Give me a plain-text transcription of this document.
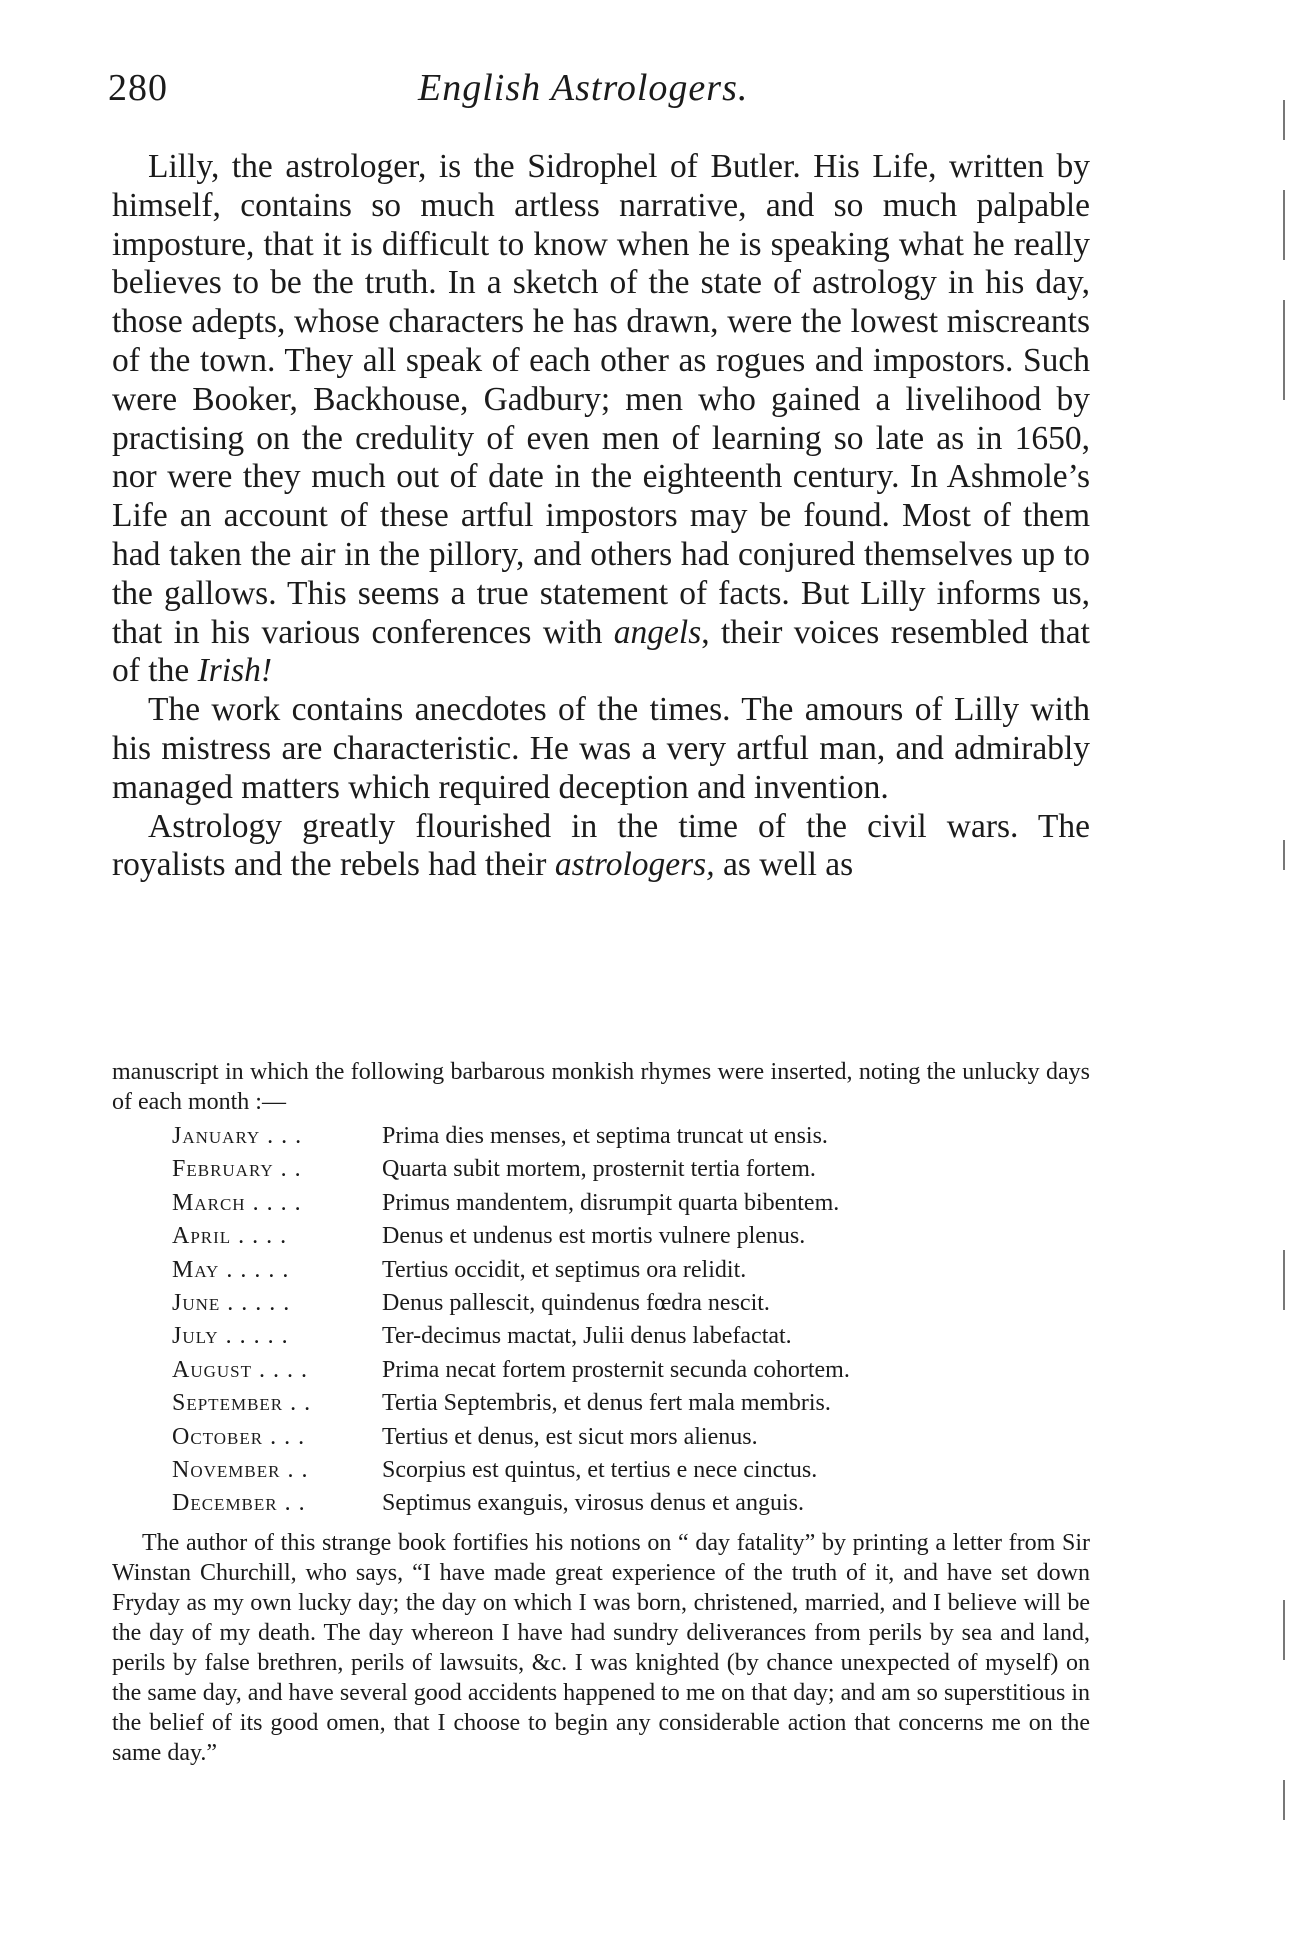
280	English Astrologers.

Lilly, the astrologer, is the Sidrophel of Butler. His Life, written by himself, contains so much artless narrative, and so much palpable imposture, that it is difficult to know when he is speaking what he really believes to be the truth. In a sketch of the state of astrology in his day, those adepts, whose characters he has drawn, were the lowest miscreants of the town. They all speak of each other as rogues and impostors. Such were Booker, Backhouse, Gadbury; men who gained a livelihood by practising on the credulity of even men of learning so late as in 1650, nor were they much out of date in the eighteenth century. In Ashmole’s Life an account of these artful impostors may be found. Most of them had taken the air in the pillory, and others had conjured themselves up to the gallows. This seems a true statement of facts. But Lilly informs us, that in his various conferences with angels, their voices resembled that of the Irish!

The work contains anecdotes of the times. The amours of Lilly with his mistress are characteristic. He was a very artful man, and admirably managed matters which required deception and invention.

Astrology greatly flourished in the time of the civil wars. The royalists and the rebels had their astrologers, as well as

manuscript in which the following barbarous monkish rhymes were inserted, noting the unlucky days of each month :—

January . . .	Prima dies menses, et septima truncat ut ensis.
February . .	Quarta subit mortem, prosternit tertia fortem.
March . . . .	Primus mandentem, disrumpit quarta bibentem.
April . . . .	Denus et undenus est mortis vulnere plenus.
May . . . . .	Tertius occidit, et septimus ora relidit.
June . . . . .	Denus pallescit, quindenus fœdra nescit.
July . . . . .	Ter-decimus mactat, Julii denus labefactat.
August . . . .	Prima necat fortem prosternit secunda cohortem.
September . .	Tertia Septembris, et denus fert mala membris.
October . . .	Tertius et denus, est sicut mors alienus.
November . .	Scorpius est quintus, et tertius e nece cinctus.
December . .	Septimus exanguis, virosus denus et anguis.

The author of this strange book fortifies his notions on “ day fatality” by printing a letter from Sir Winstan Churchill, who says, “I have made great experience of the truth of it, and have set down Fryday as my own lucky day; the day on which I was born, christened, married, and I believe will be the day of my death. The day whereon I have had sundry deliverances from perils by sea and land, perils by false brethren, perils of lawsuits, &c. I was knighted (by chance unexpected of myself) on the same day, and have several good accidents happened to me on that day; and am so superstitious in the belief of its good omen, that I choose to begin any considerable action that concerns me on the same day.”
